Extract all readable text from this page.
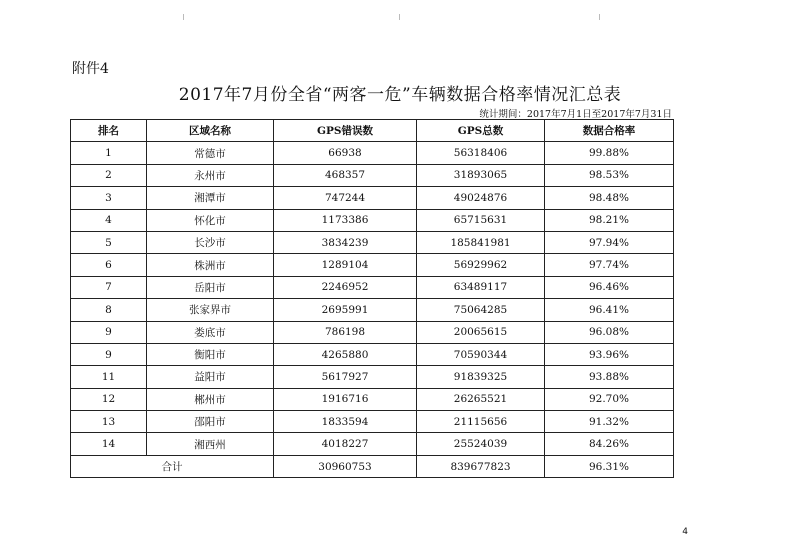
附件4
2017年7月份全省“两客一危”车辆数据合格率情况汇总表
统计期间：2017年7月1日至2017年7月31日
排名	区域名称	GPS错误数	GPS总数	数据合格率
1	常德市	66938	56318406	99.88%
2	永州市	468357	31893065	98.53%
3	湘潭市	747244	49024876	98.48%
4	怀化市	1173386	65715631	98.21%
5	长沙市	3834239	185841981	97.94%
6	株洲市	1289104	56929962	97.74%
7	岳阳市	2246952	63489117	96.46%
8	张家界市	2695991	75064285	96.41%
9	娄底市	786198	20065615	96.08%
9	衡阳市	4265880	70590344	93.96%
11	益阳市	5617927	91839325	93.88%
12	郴州市	1916716	26265521	92.70%
13	邵阳市	1833594	21115656	91.32%
14	湘西州	4018227	25524039	84.26%
合计		30960753	839677823	96.31%
4
